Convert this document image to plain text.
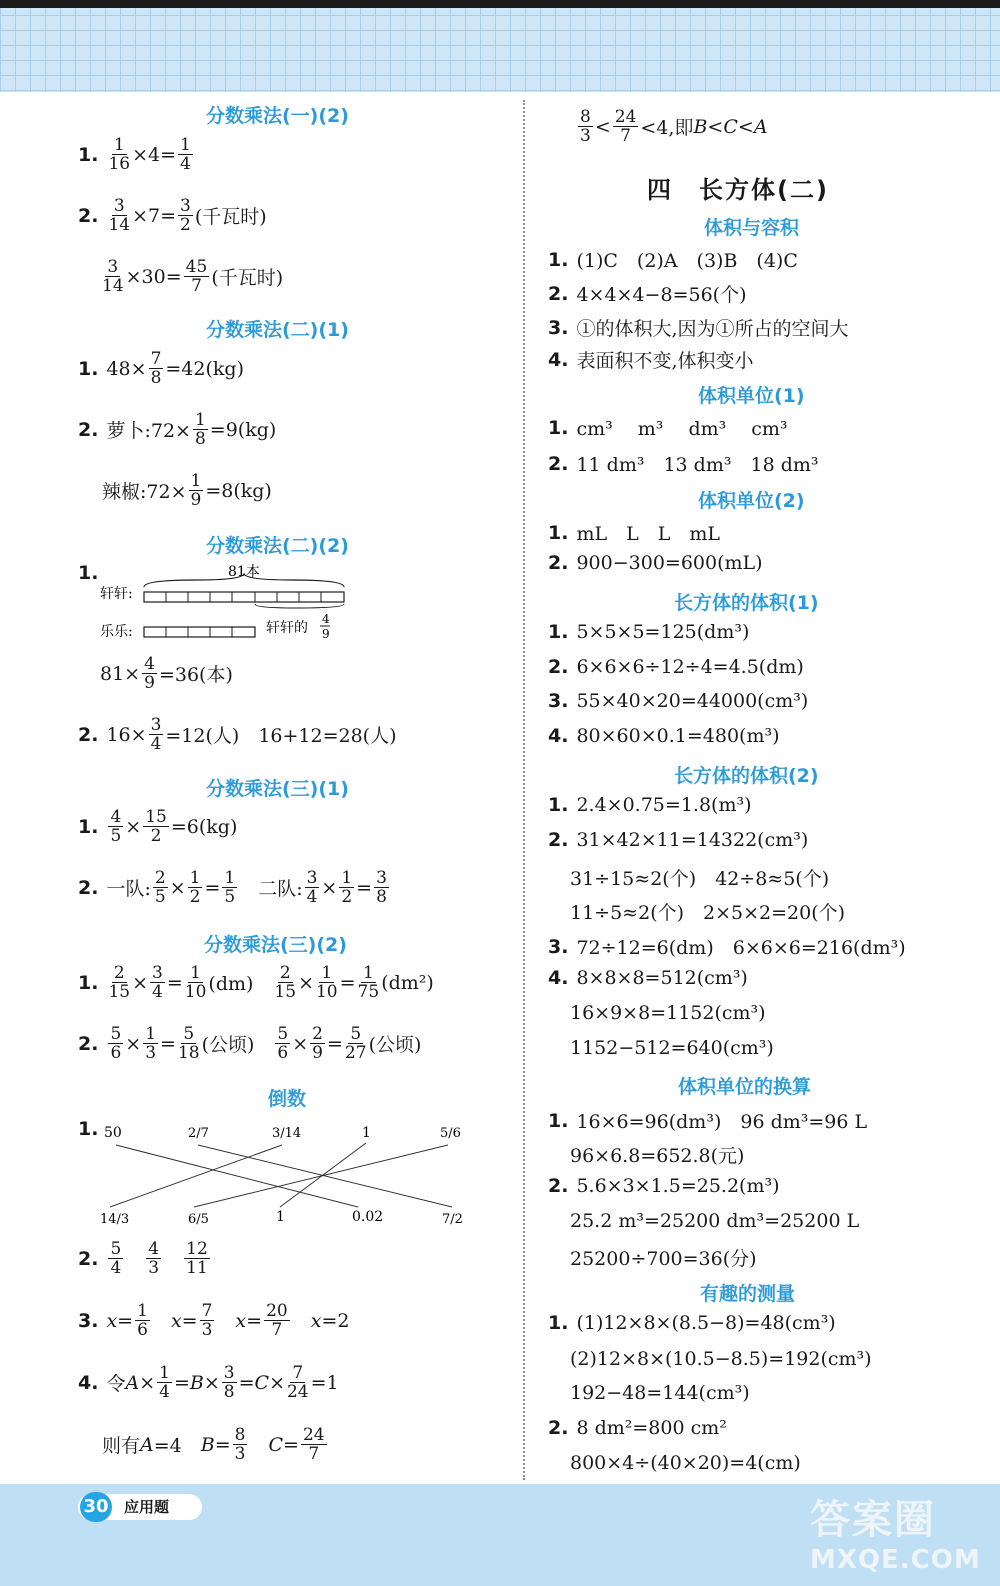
分数乘法(一)(2)
1. 1
16 ×4= 1
4
2. 3
14 ×7= 3
2 (千瓦时)
3
14 ×30= 45
7 (千瓦时)
分数乘法(二)(1)
1. 48× 7
8 =42(kg)
2. 萝卜:72× 1
8 =9(kg)
辣椒:72× 1
9 =8(kg)
分数乘法(二)(2)
1.	81本
轩轩:
乐乐:	轩轩的
4
9
81× 4
9 =36(本)
2. 16× 3
4 =12(人)　16+12=28(人)
分数乘法(三)(1)
1. 4
5 × 15
2 =6(kg)
2. 一队: 2
5 × 1
2 = 1
5 　二队: 3
4 × 1
2 = 3
8
分数乘法(三)(2)
1. 2
15 × 3
4 = 1
10 (dm)　 2
15 × 1
10 = 1
75 (dm²)
2. 5
6 × 1
3 = 5
18 (公顷)　 5
6 × 2
9 = 5
27 (公顷)
倒数
1. 50	2/7	3/14	1	5/6
14/3	6/5	1	0.02	7/2
2. 5
4

4
3

12
11
3. x = 1
6
　 x = 7
3
　 x = 20
7
　 x =2
4. 令 A × 1
4 = B × 3
8 = C × 7
24 =1
则有 A =4　 B = 8
3
　 C = 24
7
8
3 < 24
7 <4,即 B < C < A
四　长方体(二)
体积与容积
1. (1)C　(2)A　(3)B　(4)C
2. 4×4×4−8=56(个)
3. ①的体积大,因为①所占的空间大
4. 表面积不变,体积变小
体积单位(1)
1. cm³　 m³　 dm³　 cm³
2. 11 dm³　13 dm³　18 dm³
体积单位(2)
1. mL　L　L　mL
2. 900−300=600(mL)
长方体的体积(1)
1. 5×5×5=125(dm³)
2. 6×6×6÷12÷4=4.5(dm)
3. 55×40×20=44000(cm³)
4. 80×60×0.1=480(m³)
长方体的体积(2)
1. 2.4×0.75=1.8(m³)
2. 31×42×11=14322(cm³)
31÷15≈2(个)　42÷8≈5(个)
11÷5≈2(个)　2×5×2=20(个)
3. 72÷12=6(dm)　6×6×6=216(dm³)
4. 8×8×8=512(cm³)
16×9×8=1152(cm³)
1152−512=640(cm³)
体积单位的换算
1. 16×6=96(dm³)　96 dm³=96 L
96×6.8=652.8(元)
2. 5.6×3×1.5=25.2(m³)
25.2 m³=25200 dm³=25200 L
25200÷700=36(分)
有趣的测量
1. (1)12×8×(8.5−8)=48(cm³)
(2)12×8×(10.5−8.5)=192(cm³)
192−48=144(cm³)
2. 8 dm²=800 cm²
800×4÷(40×20)=4(cm)
30 应用题	答案圈
MXQE.COM
